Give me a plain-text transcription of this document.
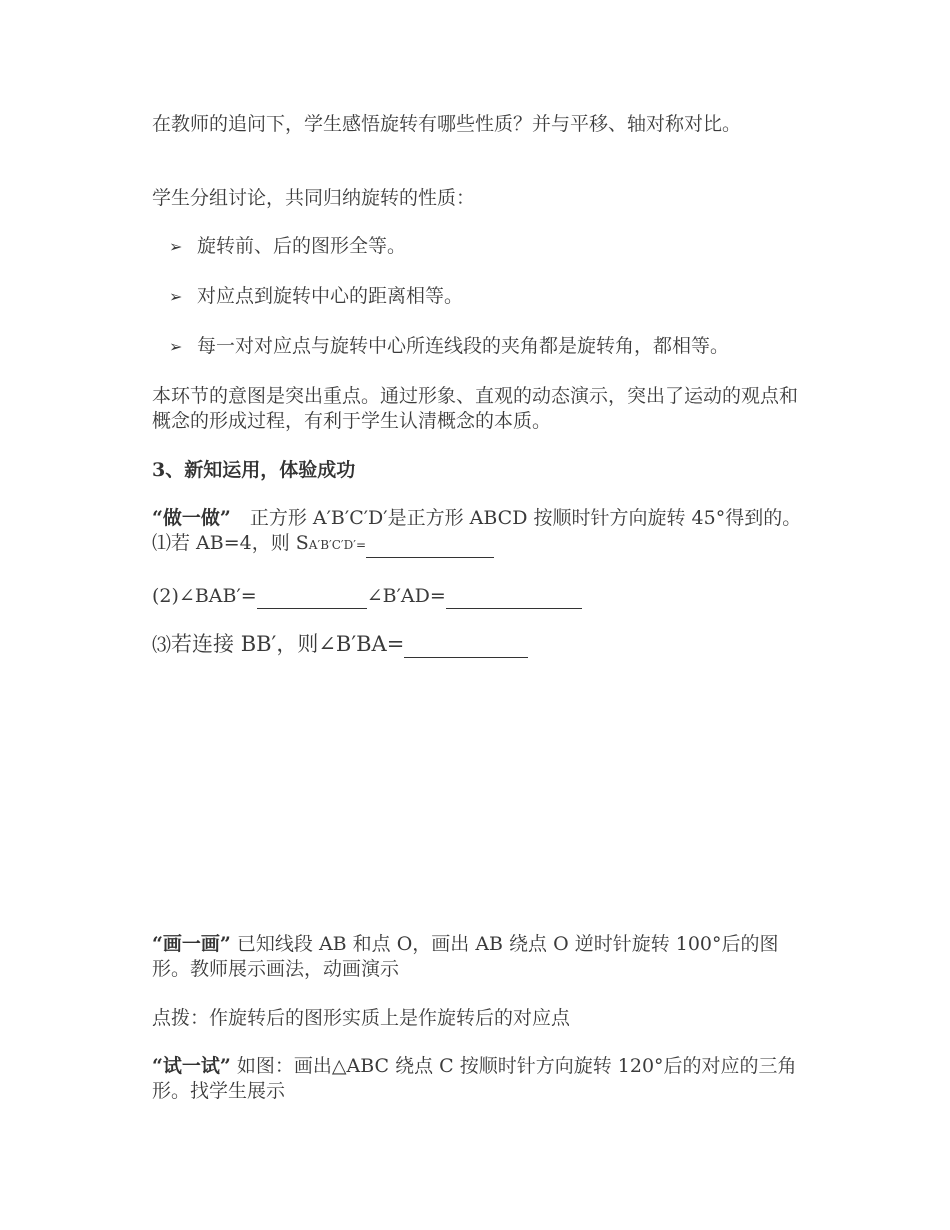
在教师的追问下，学生感悟旋转有哪些性质？并与平移、轴对称对比。

学生分组讨论，共同归纳旋转的性质：

➢ 旋转前、后的图形全等。

➢ 对应点到旋转中心的距离相等。

➢ 每一对对应点与旋转中心所连线段的夹角都是旋转角，都相等。

本环节的意图是突出重点。通过形象、直观的动态演示，突出了运动的观点和概念的形成过程，有利于学生认清概念的本质。

3、新知运用，体验成功

“做一做”　正方形 A′B′C′D′是正方形 ABCD 按顺时针方向旋转 45°得到的。⑴若 AB=4，则 SA′B′C′D′=

(2)∠BAB′=	∠B′AD=

⑶若连接 BB′，则∠B′BA=

“画一画” 已知线段 AB 和点 O，画出 AB 绕点 O 逆时针旋转 100°后的图形。教师展示画法，动画演示

点拨：作旋转后的图形实质上是作旋转后的对应点

“试一试” 如图：画出△ABC 绕点 C 按顺时针方向旋转 120°后的对应的三角形。找学生展示
